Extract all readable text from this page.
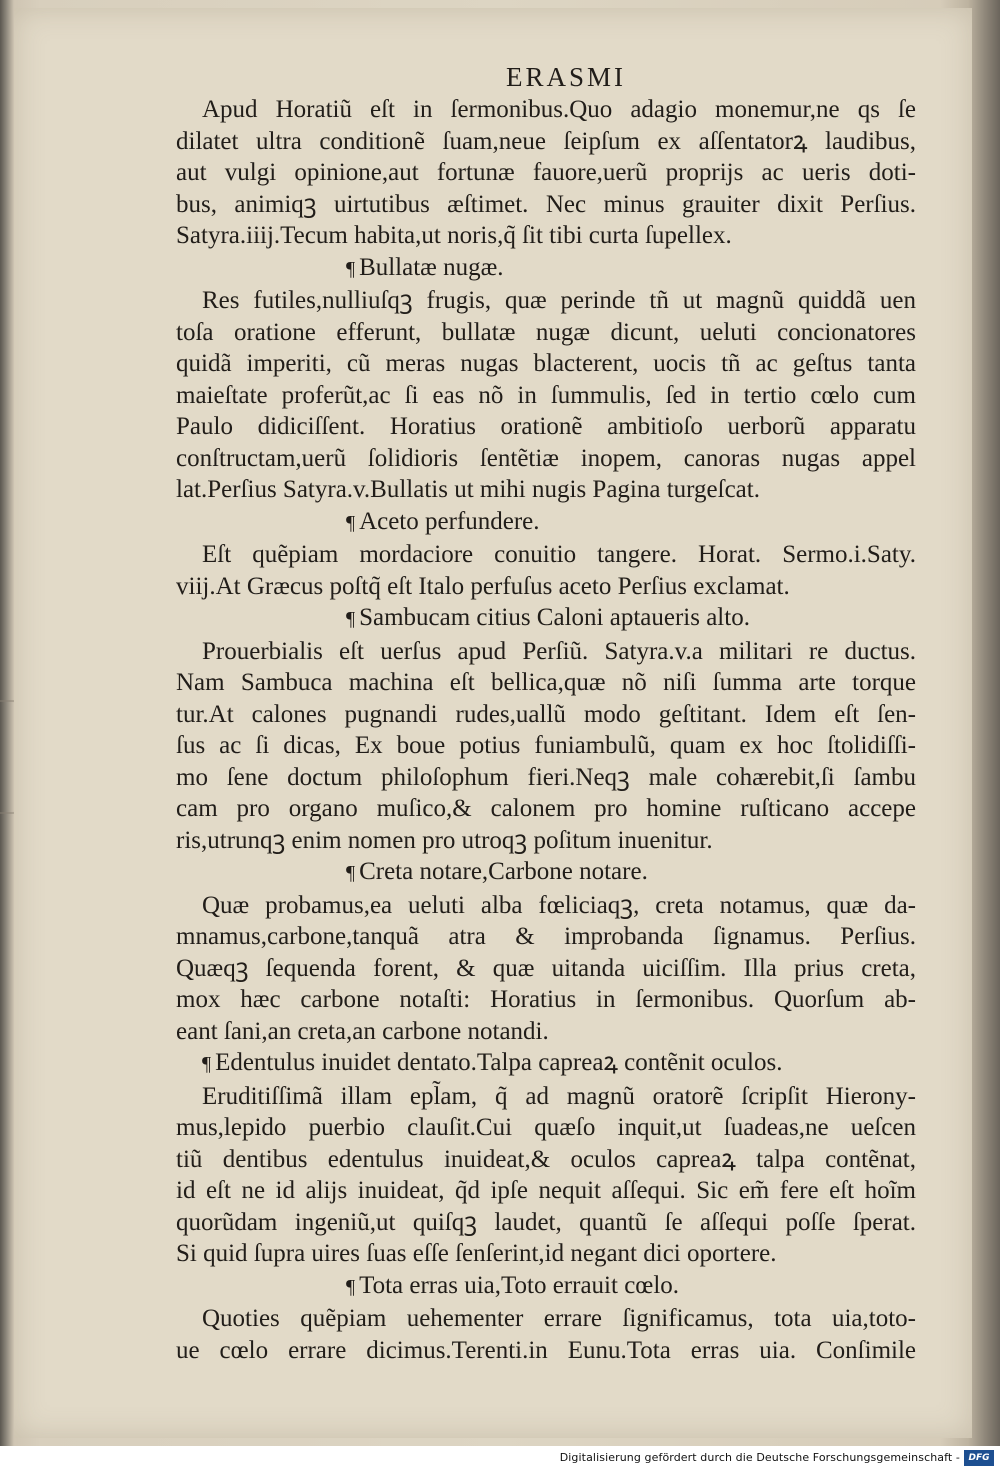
ERASMI
Apud Horatiũ eſt in ſermonibus.Quo adagio monemur,ne qs ſe
dilatet ultra conditionẽ ſuam,neue ſeipſum ex aſſentatorꝝ laudibus,
aut vulgi opinione,aut fortunæ fauore,uerũ proprijs ac ueris doti-
bus, animiqꝫ uirtutibus æſtimet. Nec minus grauiter dixit Perſius.
Satyra.iiij.Tecum habita,ut noris,q̃ ſit tibi curta ſupellex.
¶ Bullatæ nugæ.
Res futiles,nulliuſqꝫ frugis, quæ perinde tñ ut magnũ quiddã uen
toſa oratione efferunt, bullatæ nugæ dicunt, ueluti concionatores
quidã imperiti, cũ meras nugas blacterent, uocis tñ ac geſtus tanta
maieſtate proferũt,ac ſi eas nõ in ſummulis, ſed in tertio cœlo cum
Paulo didiciſſent. Horatius orationẽ ambitioſo uerborũ apparatu
conſtructam,uerũ ſolidioris ſentẽtiæ inopem, canoras nugas appel
lat.Perſius Satyra.v.Bullatis ut mihi nugis Pagina turgeſcat.
¶ Aceto perfundere.
Eſt quẽpiam mordaciore conuitio tangere. Horat. Sermo.i.Saty.
viij.At Græcus poſtq̃ eſt Italo perfuſus aceto Perſius exclamat.
¶ Sambucam citius Caloni aptaueris alto.
Prouerbialis eſt uerſus apud Perſiũ. Satyra.v.a militari re ductus.
Nam Sambuca machina eſt bellica,quæ nõ niſi ſumma arte torque
tur.At calones pugnandi rudes,uallũ modo geſtitant. Idem eſt ſen-
ſus ac ſi dicas, Ex boue potius funiambulũ, quam ex hoc ſtolidiſſi-
mo ſene doctum philoſophum fieri.Neqꝫ male cohærebit,ſi ſambu
cam pro organo muſico,& calonem pro homine ruſticano accepe
ris,utrunqꝫ enim nomen pro utroqꝫ poſitum inuenitur.
¶ Creta notare,Carbone notare.
Quæ probamus,ea ueluti alba fœliciaqꝫ, creta notamus, quæ da-
mnamus,carbone,tanquã atra & improbanda ſignamus. Perſius.
Quæqꝫ ſequenda forent, & quæ uitanda uiciſſim. Illa prius creta,
mox hæc carbone notaſti: Horatius in ſermonibus. Quorſum ab-
eant ſani,an creta,an carbone notandi.
¶ Edentulus inuidet dentato.Talpa capreaꝝ contẽnit oculos.
Eruditiſſimã illam epl̃am, q̃ ad magnũ oratorẽ ſcripſit Hierony-
mus,lepido puerbio clauſit.Cui quæſo inquit,ut ſuadeas,ne ueſcen
tiũ dentibus edentulus inuideat,& oculos capreaꝝ talpa contẽnat,
id eſt ne id alijs inuideat, q̃d ipſe nequit aſſequi. Sic em̃ fere eſt hoĩm
quorũdam ingeniũ,ut quiſqꝫ laudet, quantũ ſe aſſequi poſſe ſperat.
Si quid ſupra uires ſuas eſſe ſenſerint,id negant dici oportere.
¶ Tota erras uia,Toto errauit cœlo.
Quoties quẽpiam uehementer errare ſignificamus, tota uia,toto-
ue cœlo errare dicimus.Terenti.in Eunu.Tota erras uia. Conſimile
Digitalisierung gefördert durch die Deutsche Forschungsgemeinschaft - DFG
